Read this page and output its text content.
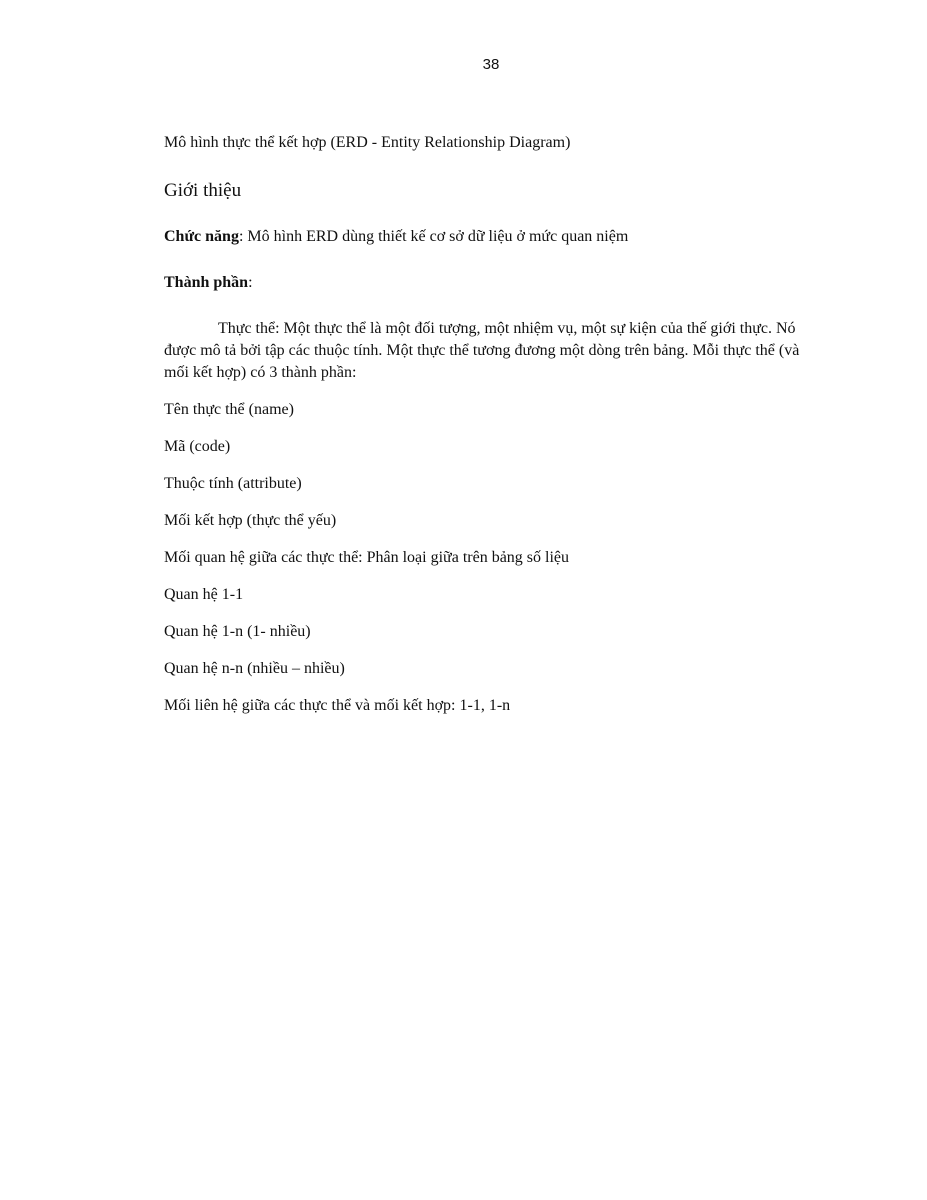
38

Mô hình thực thể kết hợp (ERD - Entity Relationship Diagram)

Giới thiệu

Chức năng: Mô hình ERD dùng thiết kế cơ sở dữ liệu ở mức quan niệm

Thành phần:

Thực thể: Một thực thể là một đối tượng, một nhiệm vụ, một sự kiện của thế giới thực. Nó được mô tả bởi tập các thuộc tính. Một thực thể tương đương một dòng trên bảng. Mỗi thực thể (và mối kết hợp) có 3 thành phần:

Tên thực thể (name)

Mã (code)

Thuộc tính (attribute)

Mối kết hợp (thực thể yếu)

Mối quan hệ giữa các thực thể: Phân loại giữa trên bảng số liệu

Quan hệ 1-1

Quan hệ 1-n (1- nhiều)

Quan hệ n-n (nhiều – nhiều)

Mối liên hệ giữa các thực thể và mối kết hợp: 1-1, 1-n
